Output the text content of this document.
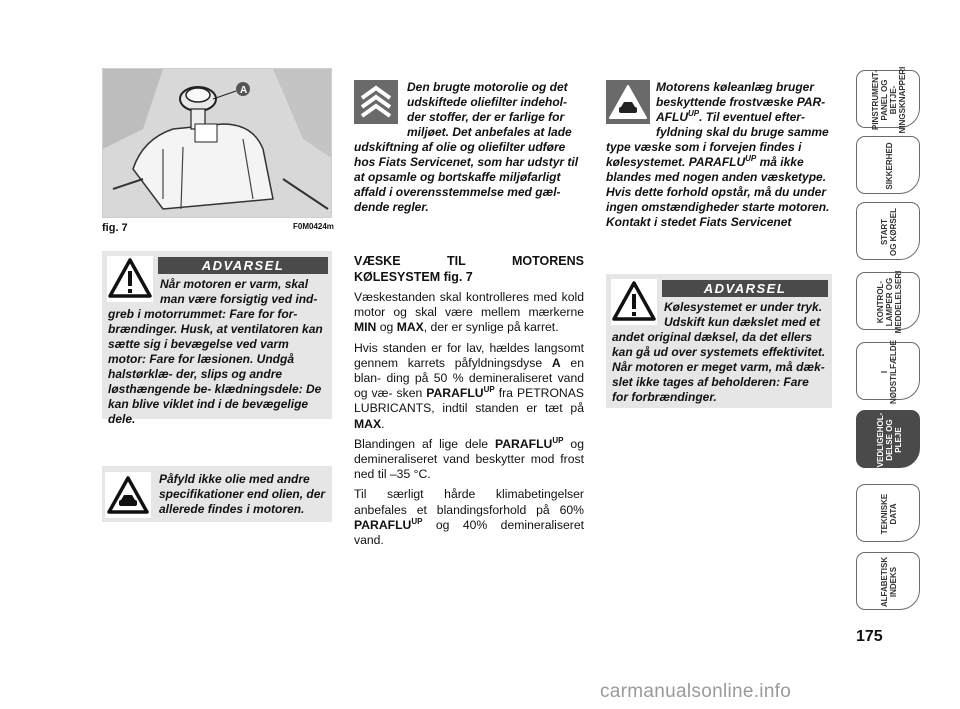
A
fig. 7	F0M0424m
ADVARSEL
Når motoren er varm, skal man være forsigtig ved ind- greb i motorrummet: Fare for for- brændinger. Husk, at ventilatoren kan sætte sig i bevægelse ved varm motor: Fare for læsionen. Undgå halstørklæ- der, slips og andre løsthængende be- klædningsdele: De kan blive viklet ind i de bevægelige dele.
Påfyld ikke olie med andre specifikationer end olien, der allerede findes i motoren.
Den brugte motorolie og det udskiftede oliefilter indehol- der stoffer, der er farlige for miljøet. Det anbefales at lade udskiftning af olie og oliefilter udføre hos Fiats Servicenet, som har udstyr til at opsamle og bortskaffe miljøfarligt affald i overensstemmelse med gæl- dende regler.
VÆSKE TIL MOTORENS KØLESYSTEM fig. 7

Væskestanden skal kontrolleres med kold motor og skal være mellem mærkerne MIN og MAX, der er synlige på karret.

Hvis standen er for lav, hældes langsomt gennem karrets påfyldningsdyse A en blan- ding på 50 % demineraliseret vand og væ- sken $PARAFLU^{UP}$ fra PETRONAS LUBRICANTS, indtil standen er tæt på MAX.

Blandingen af lige dele $PARAFLU^{UP}$ og demineraliseret vand beskytter mod frost ned til –35 °C.

Til særligt hårde klimabetingelser anbefales et blandingsforhold på 60% $PARAFLU^{UP}$ og 40% demineraliseret vand.

Motorens køleanlæg bruger beskyttende frostvæske PAR- $AFLU^{UP}$. Til eventuel efter- fyldning skal du bruge samme type væske som i forvejen findes i kølesystemet. $PARAFLU^{UP}$ må ikke blandes med nogen anden væsketype. Hvis dette forhold opstår, må du under ingen omstændigheder starte motoren. Kontakt i stedet Fiats Servicenet
ADVARSEL
Kølesystemet er under tryk. Udskift kun dækslet med et andet original dæksel, da det ellers kan gå ud over systemets effektivitet. Når motoren er meget varm, må dæk- slet ikke tages af beholderen: Fare for forbrændinger.
PINSTRUMENT-
PANEL OG BETJE-
NINGSKNAPPERI
SIKKERHED
START
OG KØRSEL
KONTROL-
LAMPER OG
MEDDELELSERI
I
NØDSTILFÆLDE
VEDLIGEHOL-
DELSE OG
PLEJE
TEKNISKE
DATA
ALFABETISK
INDEKS
175
carmanualsonline.info
